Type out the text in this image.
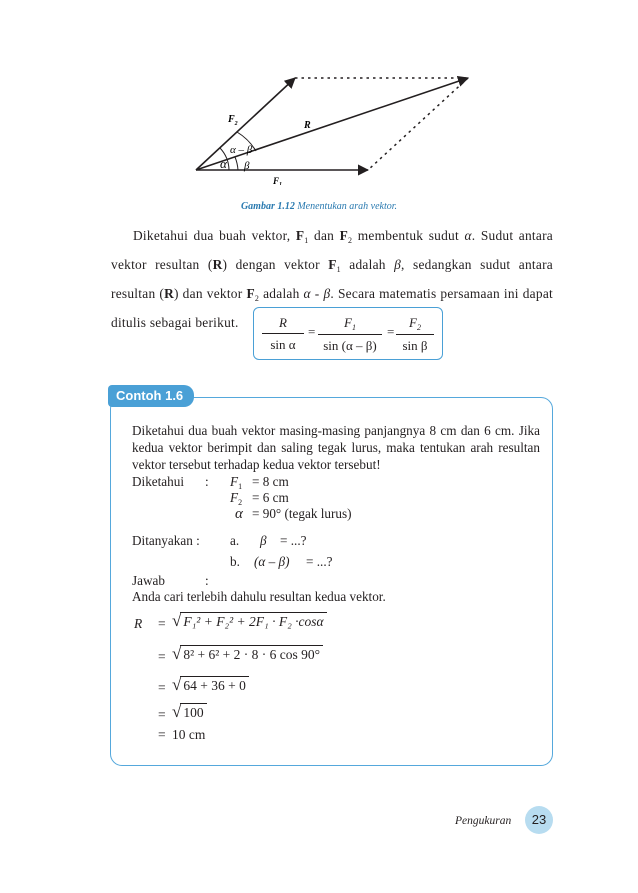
$F_2$	R
α – β
α β
$F_1$
Gambar 1.12 Menentukan arah vektor.
Diketahui dua buah vektor, $F_1$ dan $F_2$ membentuk sudut α. Sudut antara vektor resultan (R) dengan vektor $F_1$ adalah β, sedangkan sudut antara resultan (R) dan vektor $F_2$ adalah α - β. Secara matematis persamaan ini dapat ditulis sebagai berikut.	R
sin α
=
$F_1$
sin (α – β)
=
$F_2$
sin β
Contoh 1.6
Diketahui dua buah vektor masing-masing panjangnya 8 cm dan 6 cm. Jika kedua vektor berimpit dan saling tegak lurus, maka tentukan arah resultan vektor tersebut terhadap kedua vektor tersebut!
Diketahui : $F_1 = 8$ cm
$F_2 = 6$ cm
α = 90° (tegak lurus)
Ditanyakan : a. β = ...?
b. (α – β)	= ...?
Jawab	:
Anda cari terlebih dahulu resultan kedua vektor.
R = √ F₁² + F₂² + 2F₁ · F₂ ·cosα
= √ 8² + 6² + 2 · 8 · 6 cos 90°
= √ 64 + 36 + 0
= √ 100
= 10 cm
Pengukuran	23
